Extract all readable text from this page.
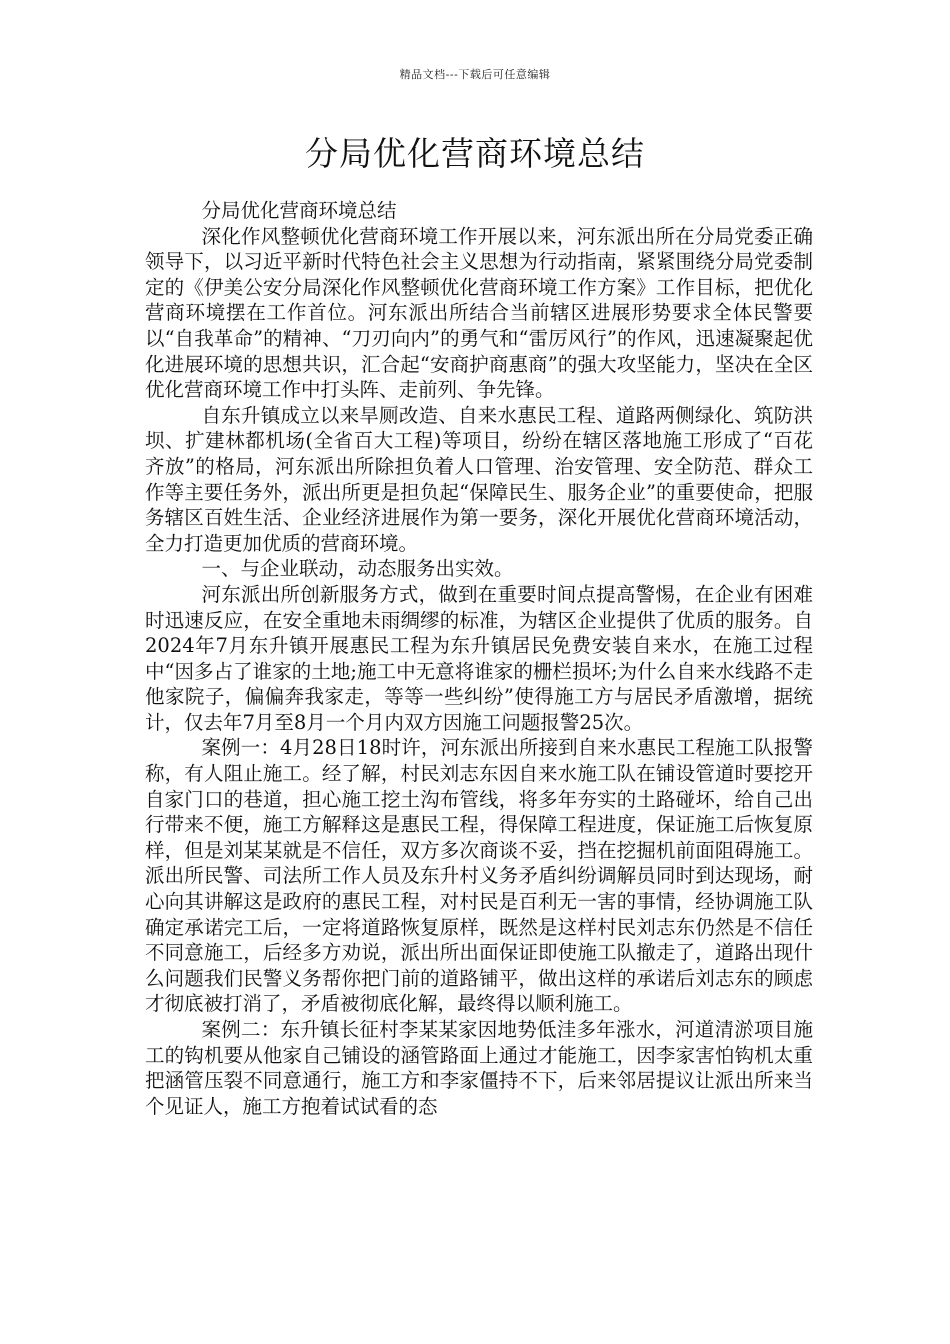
精品文档---下载后可任意编辑
分局优化营商环境总结

分局优化营商环境总结

深化作风整顿优化营商环境工作开展以来，河东派出所在分局党委正确领导下，以习近平新时代特色社会主义思想为行动指南，紧紧围绕分局党委制定的《伊美公安分局深化作风整顿优化营商环境工作方案》工作目标，把优化营商环境摆在工作首位。河东派出所结合当前辖区进展形势要求全体民警要以“自我革命”的精神、“刀刃向内”的勇气和“雷厉风行”的作风，迅速凝聚起优化进展环境的思想共识，汇合起“安商护商惠商”的强大攻坚能力，坚决在全区优化营商环境工作中打头阵、走前列、争先锋。

自东升镇成立以来旱厕改造、自来水惠民工程、道路两侧绿化、筑防洪坝、扩建林都机场(全省百大工程)等项目，纷纷在辖区落地施工形成了“百花齐放”的格局，河东派出所除担负着人口管理、治安管理、安全防范、群众工作等主要任务外，派出所更是担负起“保障民生、服务企业”的重要使命，把服务辖区百姓生活、企业经济进展作为第一要务，深化开展优化营商环境活动，全力打造更加优质的营商环境。

一、与企业联动，动态服务出实效。

河东派出所创新服务方式，做到在重要时间点提高警惕，在企业有困难时迅速反应，在安全重地未雨绸缪的标准，为辖区企业提供了优质的服务。自2024年7月东升镇开展惠民工程为东升镇居民免费安装自来水，在施工过程中“因多占了谁家的土地;施工中无意将谁家的栅栏损坏;为什么自来水线路不走他家院子，偏偏奔我家走，等等一些纠纷”使得施工方与居民矛盾激增，据统计，仅去年7月至8月一个月内双方因施工问题报警25次。

案例一：4月28日18时许，河东派出所接到自来水惠民工程施工队报警称，有人阻止施工。经了解，村民刘志东因自来水施工队在铺设管道时要挖开自家门口的巷道，担心施工挖土沟布管线，将多年夯实的土路碰坏，给自己出行带来不便，施工方解释这是惠民工程，得保障工程进度，保证施工后恢复原样，但是刘某某就是不信任，双方多次商谈不妥，挡在挖掘机前面阻碍施工。派出所民警、司法所工作人员及东升村义务矛盾纠纷调解员同时到达现场，耐心向其讲解这是政府的惠民工程，对村民是百利无一害的事情，经协调施工队确定承诺完工后，一定将道路恢复原样，既然是这样村民刘志东仍然是不信任不同意施工，后经多方劝说，派出所出面保证即使施工队撤走了，道路出现什么问题我们民警义务帮你把门前的道路铺平，做出这样的承诺后刘志东的顾虑才彻底被打消了，矛盾被彻底化解，最终得以顺利施工。

案例二：东升镇长征村李某某家因地势低洼多年涨水，河道清淤项目施工的钩机要从他家自己铺设的涵管路面上通过才能施工，因李家害怕钩机太重把涵管压裂不同意通行，施工方和李家僵持不下，后来邻居提议让派出所来当个见证人，施工方抱着试试看的态
